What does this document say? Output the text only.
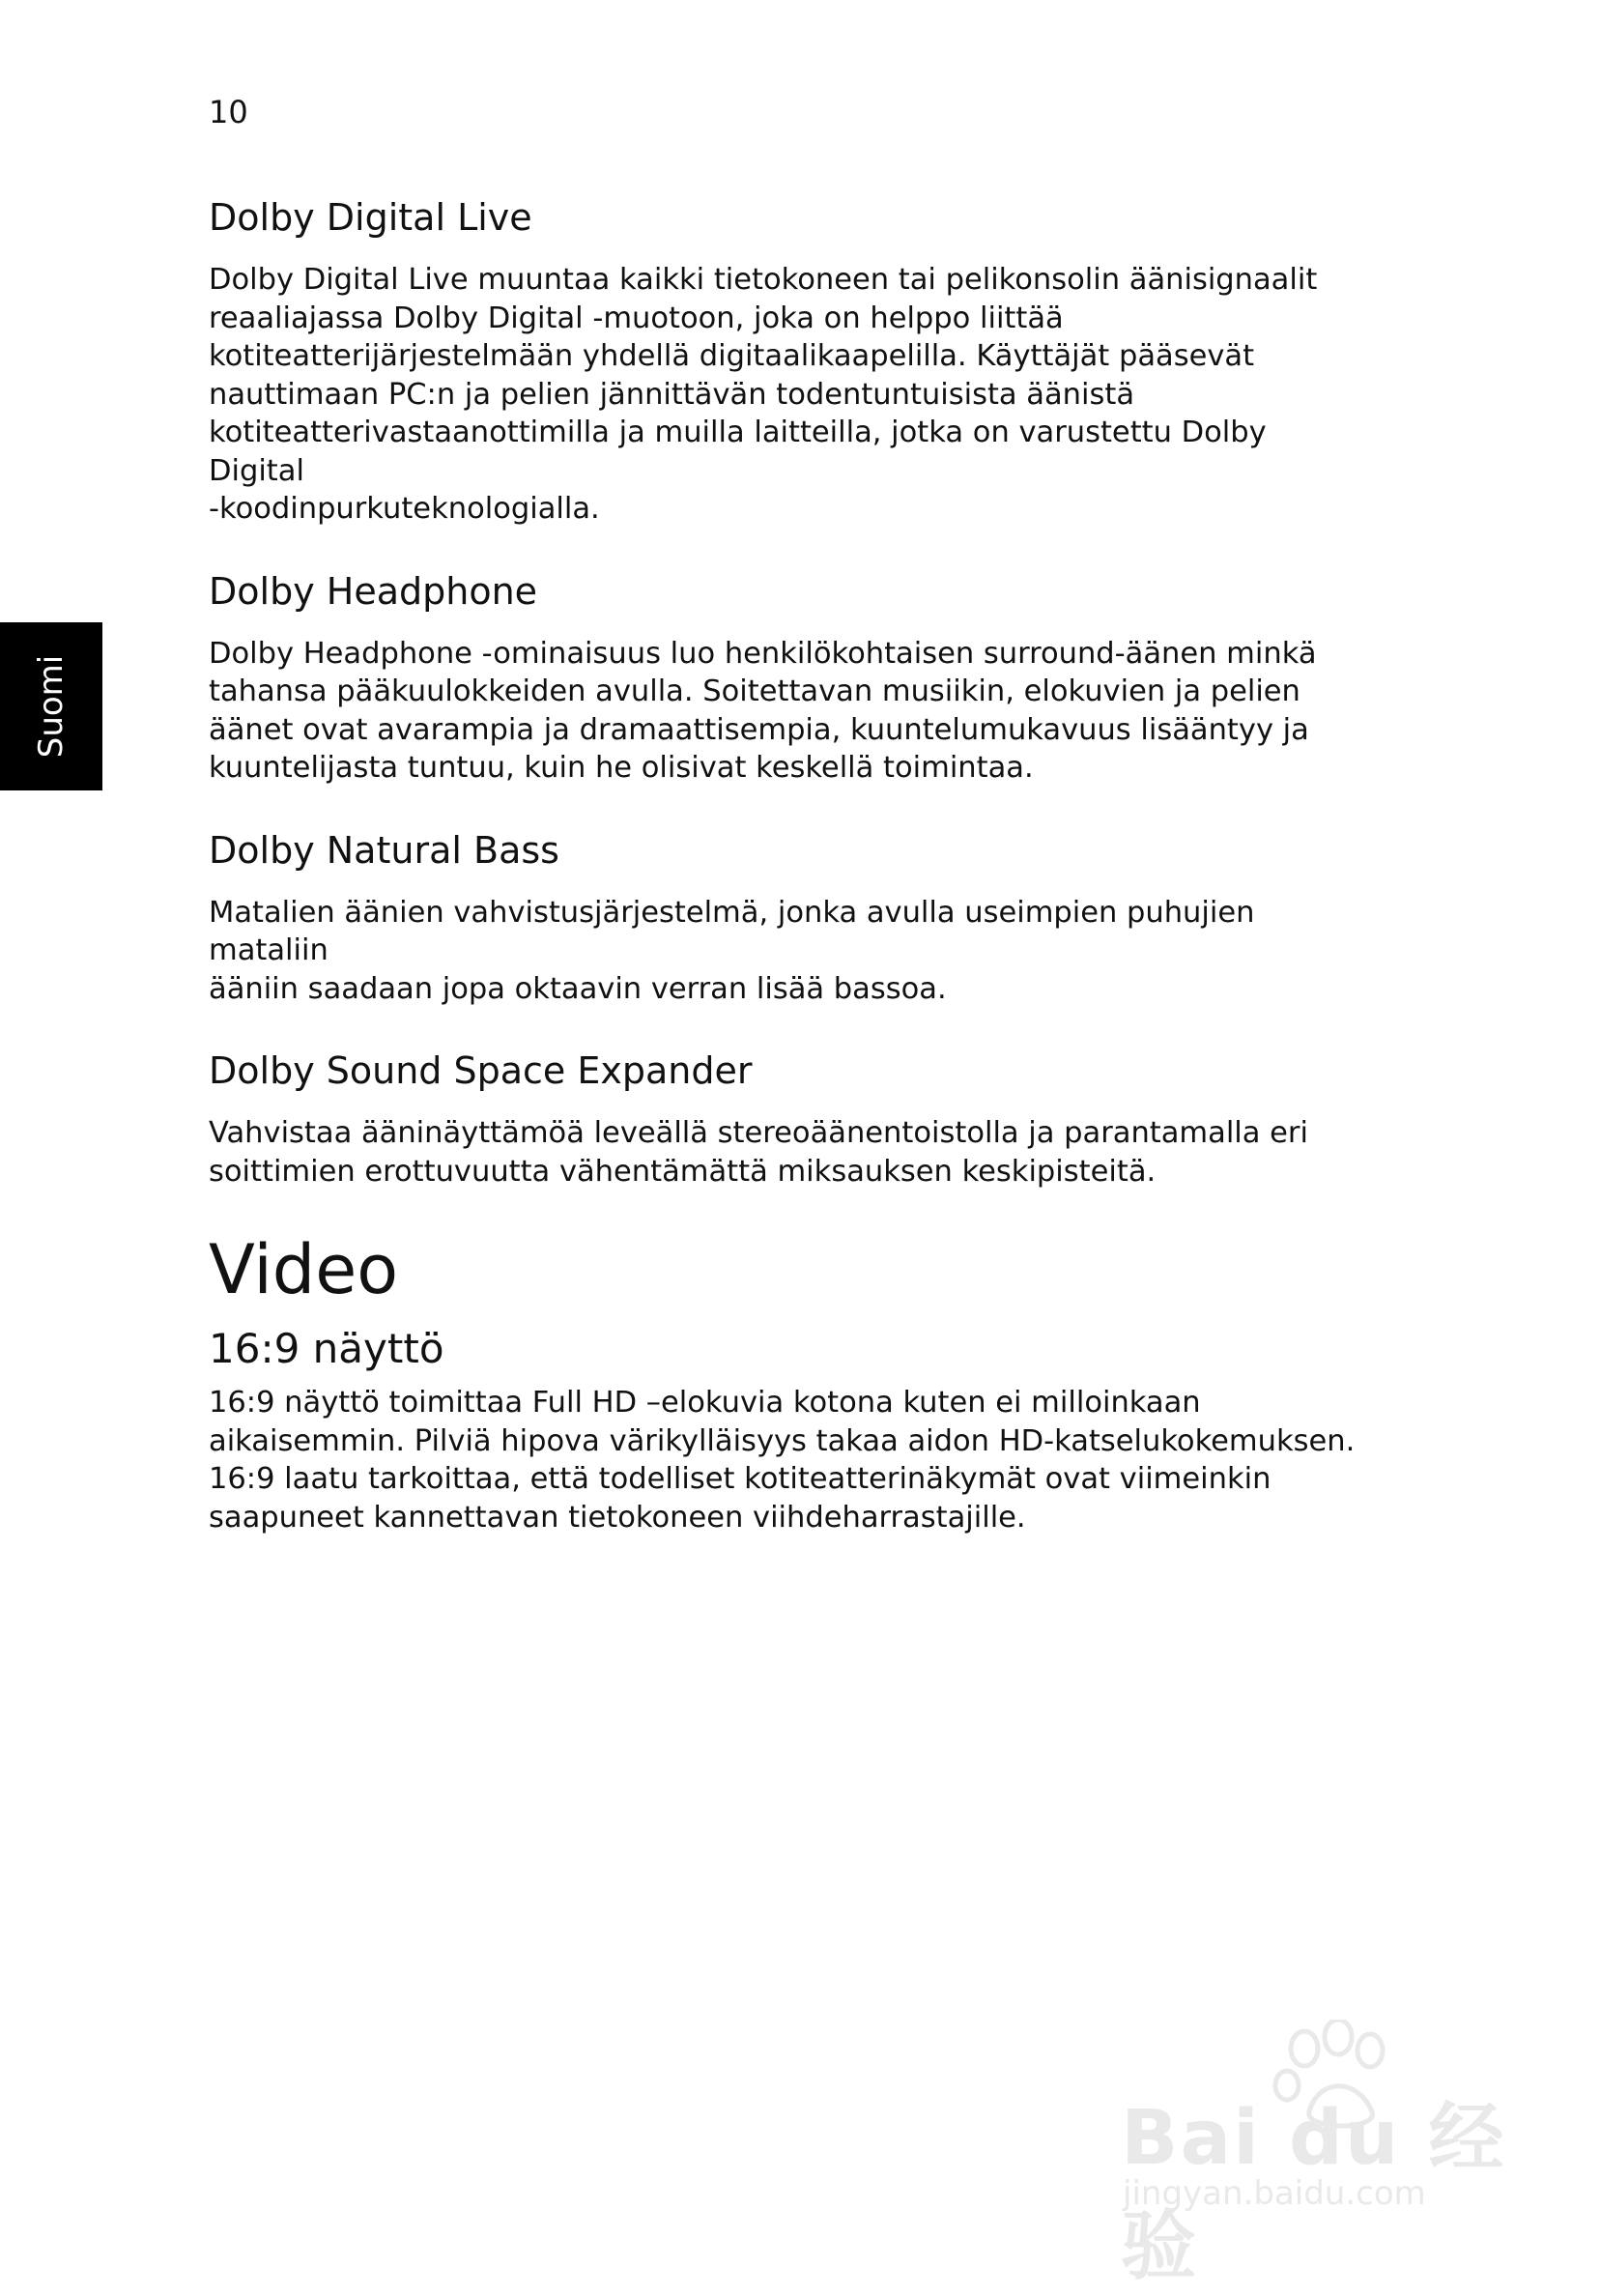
10
Suomi
Dolby Digital Live

Dolby Digital Live muuntaa kaikki tietokoneen tai pelikonsolin äänisignaalit
reaaliajassa Dolby Digital -muotoon, joka on helppo liittää
kotiteatterijärjestelmään yhdellä digitaalikaapelilla. Käyttäjät pääsevät
nauttimaan PC:n ja pelien jännittävän todentuntuisista äänistä
kotiteatterivastaanottimilla ja muilla laitteilla, jotka on varustettu Dolby Digital
-koodinpurkuteknologialla.

Dolby Headphone

Dolby Headphone -ominaisuus luo henkilökohtaisen surround-äänen minkä
tahansa pääkuulokkeiden avulla. Soitettavan musiikin, elokuvien ja pelien
äänet ovat avarampia ja dramaattisempia, kuuntelumukavuus lisääntyy ja
kuuntelijasta tuntuu, kuin he olisivat keskellä toimintaa.

Dolby Natural Bass

Matalien äänien vahvistusjärjestelmä, jonka avulla useimpien puhujien mataliin
ääniin saadaan jopa oktaavin verran lisää bassoa.

Dolby Sound Space Expander

Vahvistaa ääninäyttämöä leveällä stereoäänentoistolla ja parantamalla eri
soittimien erottuvuutta vähentämättä miksauksen keskipisteitä.

Video
16:9 näyttö

16:9 näyttö toimittaa Full HD –elokuvia kotona kuten ei milloinkaan
aikaisemmin. Pilviä hipova värikylläisyys takaa aidon HD-katselukokemuksen.
16:9 laatu tarkoittaa, että todelliset kotiteatterinäkymät ovat viimeinkin
saapuneet kannettavan tietokoneen viihdeharrastajille.

Bai du 经验
jingyan.baidu.com
